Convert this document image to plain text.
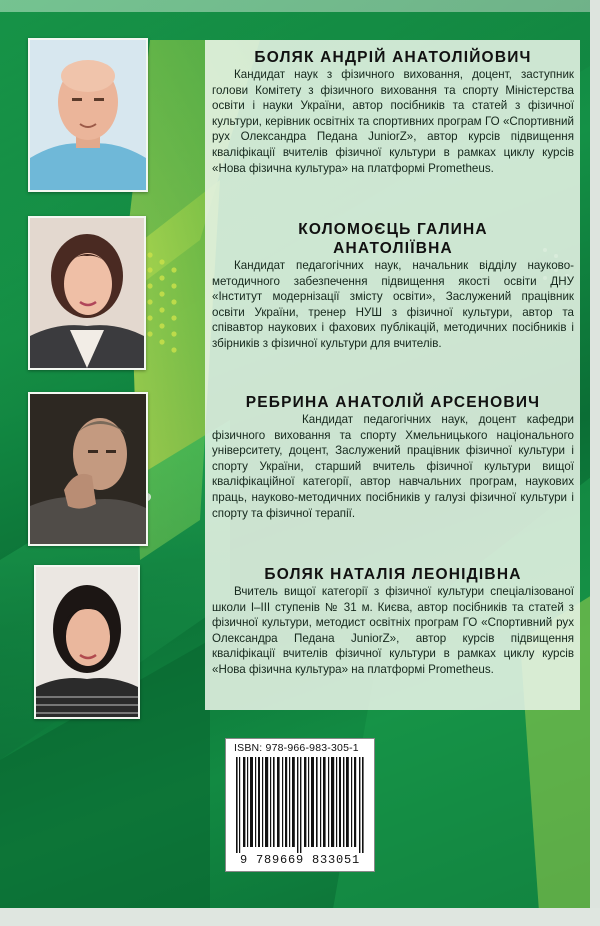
БОЛЯК АНДРІЙ АНАТОЛІЙОВИЧ

Кандидат наук з фізичного виховання, доцент, заступник голови Комітету з фізичного виховання та спорту Міністерства освіти і науки України, автор посібників та статей з фізичної культури, керівник освітніх та спортивних програм ГО «Спортивний рух Олександра Педана JuniorZ», автор курсів підвищення кваліфікації вчителів фізичної культури в рамках циклу курсів «Нова фізична культура» на платформі Prometheus.

КОЛОМОЄЦЬ ГАЛИНА АНАТОЛІЇВНА

Кандидат педагогічних наук, начальник відділу науково-методичного забезпечення підвищення якості освіти ДНУ «Інститут модернізації змісту освіти», Заслужений працівник освіти України, тренер НУШ з фізичної культури, автор та співавтор наукових і фахових публікацій, методичних посібників і збірників з фізичної культури для вчителів.

РЕБРИНА АНАТОЛІЙ АРСЕНОВИЧ

Кандидат педагогічних наук, доцент кафедри фізичного виховання та спорту Хмельницького національного університету, доцент, Заслужений працівник фізичної культури і спорту України, старший вчитель фізичної культури вищої кваліфікаційної категорії, автор навчальних програм, наукових праць, науково-методичних посібників у галузі фізичної культури і спорту та фізичної терапії.

БОЛЯК НАТАЛІЯ ЛЕОНІДІВНА

Вчитель вищої категорії з фізичної культури спеціалізованої школи І–ІІІ ступенів № 31 м. Києва, автор посібників та статей з фізичної культури, методист освітніх програм ГО «Спортивний рух Олександра Педана JuniorZ», автор курсів підвищення кваліфікації вчителів фізичної культури в рамках циклу курсів «Нова фізична культура» на платформі Prometheus.

ISBN: 978-966-983-305-1
9 789669 833051
